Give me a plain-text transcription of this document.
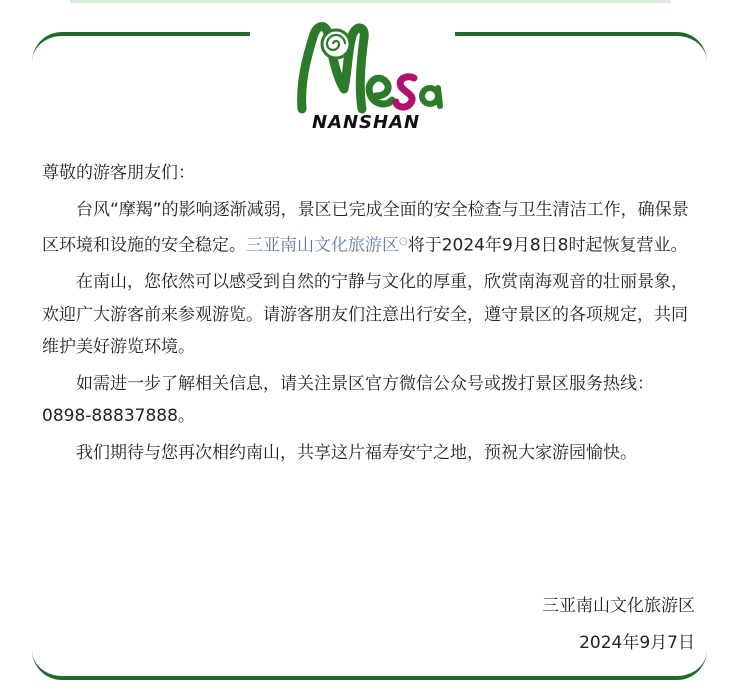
NANSHAN
尊敬的游客朋友们：

台风“摩羯”的影响逐渐减弱，景区已完成全面的安全检查与卫生清洁工作，确保景区环境和设施的安全稳定。三亚南山文化旅游区○将于2024年9月8日8时起恢复营业。

在南山，您依然可以感受到自然的宁静与文化的厚重，欣赏南海观音的壮丽景象，欢迎广大游客前来参观游览。请游客朋友们注意出行安全，遵守景区的各项规定，共同维护美好游览环境。

如需进一步了解相关信息，请关注景区官方微信公众号或拨打景区服务热线：0898-88837888。

我们期待与您再次相约南山，共享这片福寿安宁之地，预祝大家游园愉快。

三亚南山文化旅游区
2024年9月7日
